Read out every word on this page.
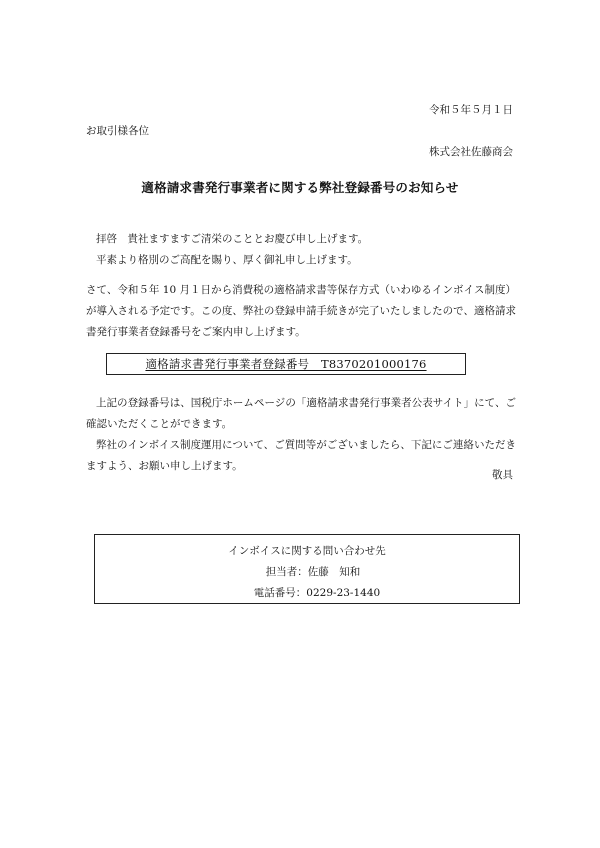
令和５年５月１日
お取引様各位
株式会社佐藤商会
適格請求書発行事業者に関する弊社登録番号のお知らせ
拝啓　貴社ますますご清栄のこととお慶び申し上げます。
平素より格別のご高配を賜り、厚く御礼申し上げます。
さて、令和５年 10 月１日から消費税の適格請求書等保存方式（いわゆるインボイス制度）が導入される予定です。この度、弊社の登録申請手続きが完了いたしましたので、適格請求書発行事業者登録番号をご案内申し上げます。
適格請求書発行事業者登録番号　T8370201000176
上記の登録番号は、国税庁ホームページの「適格請求書発行事業者公表サイト」にて、ご確認いただくことができます。
弊社のインボイス制度運用について、ご質問等がございましたら、下記にご連絡いただきますよう、お願い申し上げます。
敬具
インボイスに関する問い合わせ先
担当者：佐藤　知和
電話番号：0229-23-1440
